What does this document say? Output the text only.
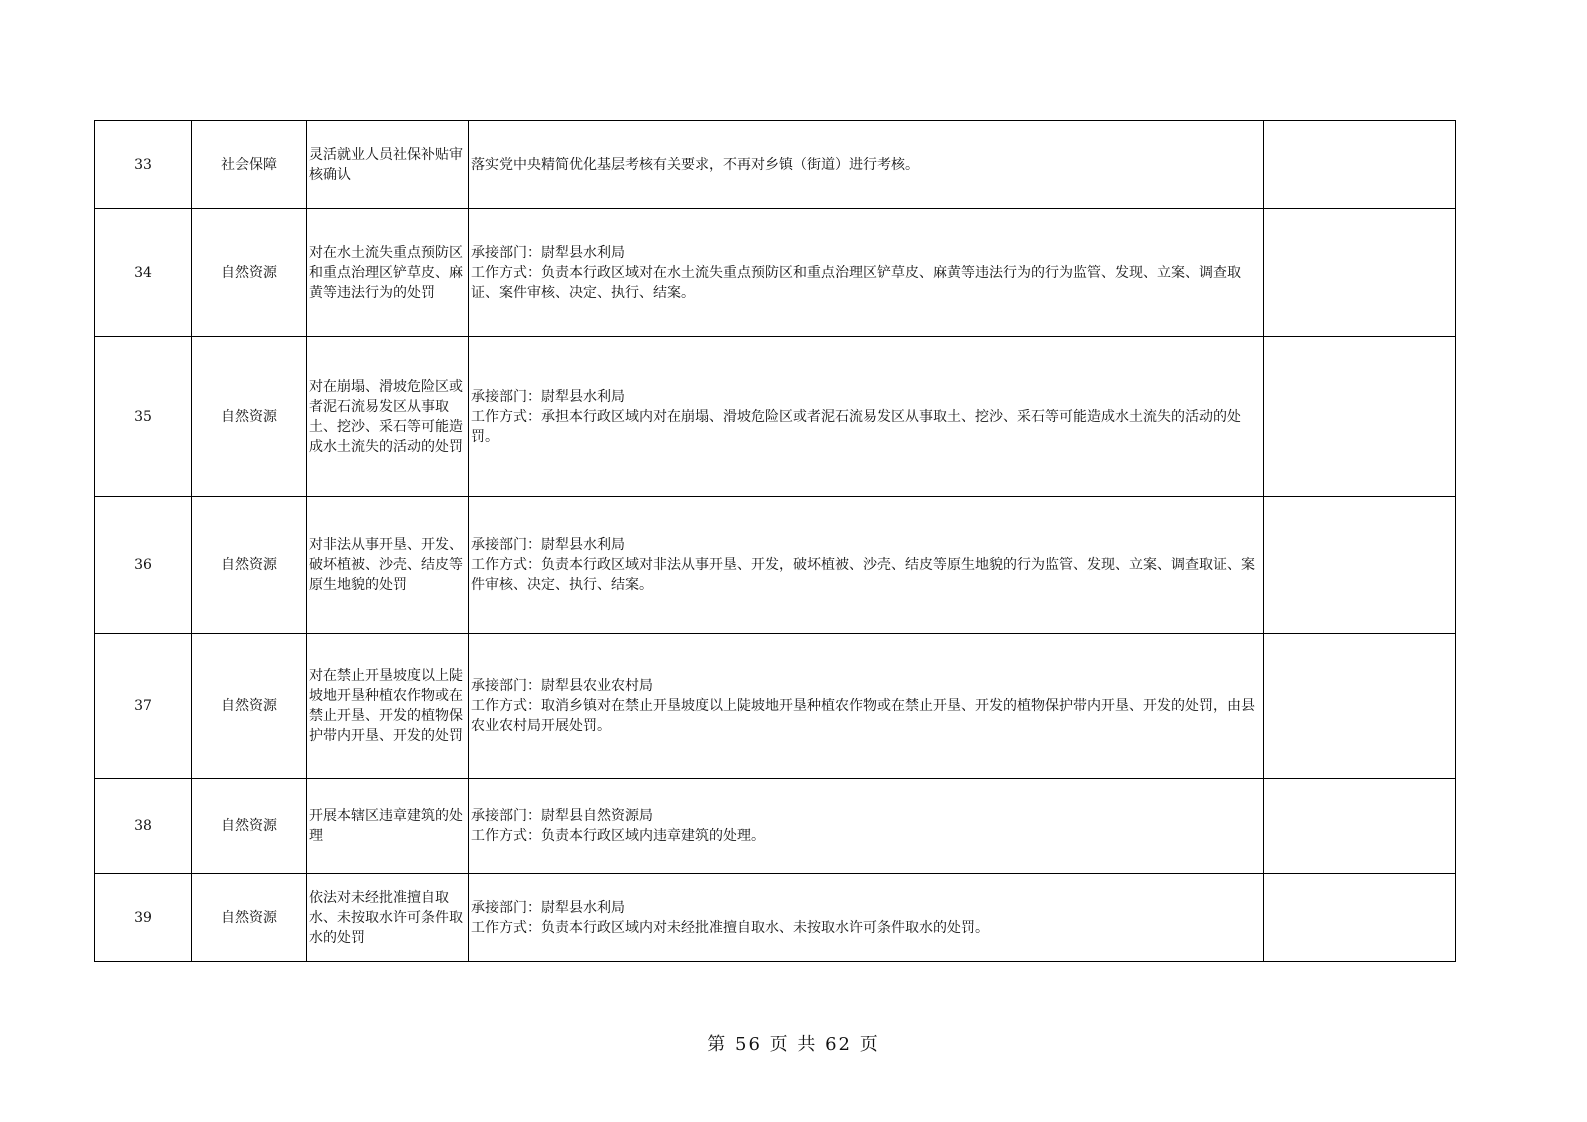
33	社会保障	灵活就业人员社保补贴审核确认	落实党中央精简优化基层考核有关要求，不再对乡镇（街道）进行考核。	

34	自然资源	对在水土流失重点预防区和重点治理区铲草皮、麻黄等违法行为的处罚	承接部门：尉犁县水利局
工作方式：负责本行政区域对在水土流失重点预防区和重点治理区铲草皮、麻黄等违法行为的行为监管、发现、立案、调查取证、案件审核、决定、执行、结案。	

35	自然资源	对在崩塌、滑坡危险区或者泥石流易发区从事取土、挖沙、采石等可能造成水土流失的活动的处罚	承接部门：尉犁县水利局
工作方式：承担本行政区域内对在崩塌、滑坡危险区或者泥石流易发区从事取土、挖沙、采石等可能造成水土流失的活动的处罚。	

36	自然资源	对非法从事开垦、开发、破坏植被、沙壳、结皮等原生地貌的处罚	承接部门：尉犁县水利局
工作方式：负责本行政区域对非法从事开垦、开发，破坏植被、沙壳、结皮等原生地貌的行为监管、发现、立案、调查取证、案件审核、决定、执行、结案。	

37	自然资源	对在禁止开垦坡度以上陡坡地开垦种植农作物或在禁止开垦、开发的植物保护带内开垦、开发的处罚	承接部门：尉犁县农业农村局
工作方式：取消乡镇对在禁止开垦坡度以上陡坡地开垦种植农作物或在禁止开垦、开发的植物保护带内开垦、开发的处罚，由县农业农村局开展处罚。	

38	自然资源	开展本辖区违章建筑的处理	承接部门：尉犁县自然资源局
工作方式：负责本行政区域内违章建筑的处理。	

39	自然资源	依法对未经批准擅自取水、未按取水许可条件取水的处罚	承接部门：尉犁县水利局
工作方式：负责本行政区域内对未经批准擅自取水、未按取水许可条件取水的处罚。	

第 56 页 共 62 页
